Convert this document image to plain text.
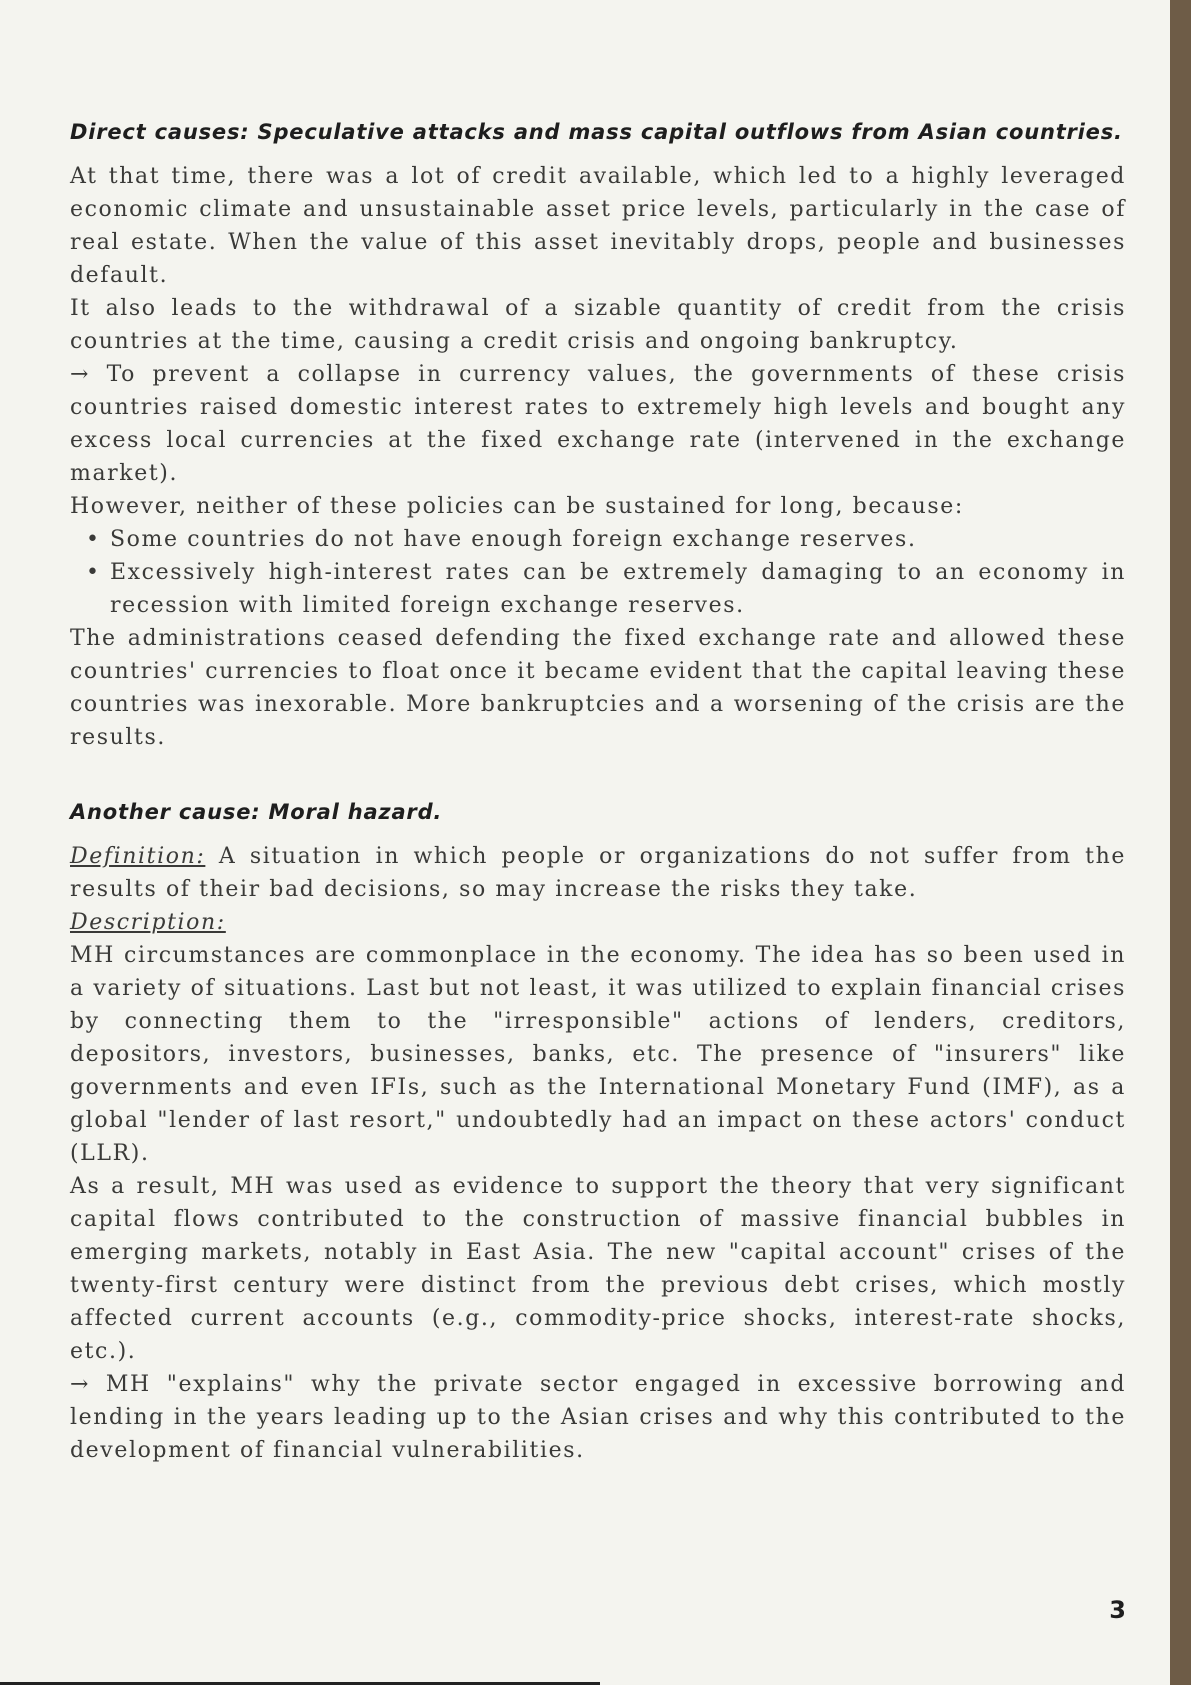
Direct causes: Speculative attacks and mass capital outflows from Asian countries.

At that time, there was a lot of credit available, which led to a highly leveraged economic climate and unsustainable asset price levels, particularly in the case of real estate. When the value of this asset inevitably drops, people and businesses default.

It also leads to the withdrawal of a sizable quantity of credit from the crisis countries at the time, causing a credit crisis and ongoing bankruptcy.

→ To prevent a collapse in currency values, the governments of these crisis countries raised domestic interest rates to extremely high levels and bought any excess local currencies at the fixed exchange rate (intervened in the exchange market).

However, neither of these policies can be sustained for long, because:

• Some countries do not have enough foreign exchange reserves.
• Excessively high-interest rates can be extremely damaging to an economy in recession with limited foreign exchange reserves.

The administrations ceased defending the fixed exchange rate and allowed these countries' currencies to float once it became evident that the capital leaving these countries was inexorable. More bankruptcies and a worsening of the crisis are the results.

Another cause: Moral hazard.

Definition: A situation in which people or organizations do not suffer from the results of their bad decisions, so may increase the risks they take.

Description:

MH circumstances are commonplace in the economy. The idea has so been used in a variety of situations. Last but not least, it was utilized to explain financial crises by connecting them to the "irresponsible" actions of lenders, creditors, depositors, investors, businesses, banks, etc. The presence of "insurers" like governments and even IFIs, such as the International Monetary Fund (IMF), as a global "lender of last resort," undoubtedly had an impact on these actors' conduct (LLR).

As a result, MH was used as evidence to support the theory that very significant capital flows contributed to the construction of massive financial bubbles in emerging markets, notably in East Asia. The new "capital account" crises of the twenty-first century were distinct from the previous debt crises, which mostly affected current accounts (e.g., commodity-price shocks, interest-rate shocks, etc.).

→ MH "explains" why the private sector engaged in excessive borrowing and lending in the years leading up to the Asian crises and why this contributed to the development of financial vulnerabilities.

3
